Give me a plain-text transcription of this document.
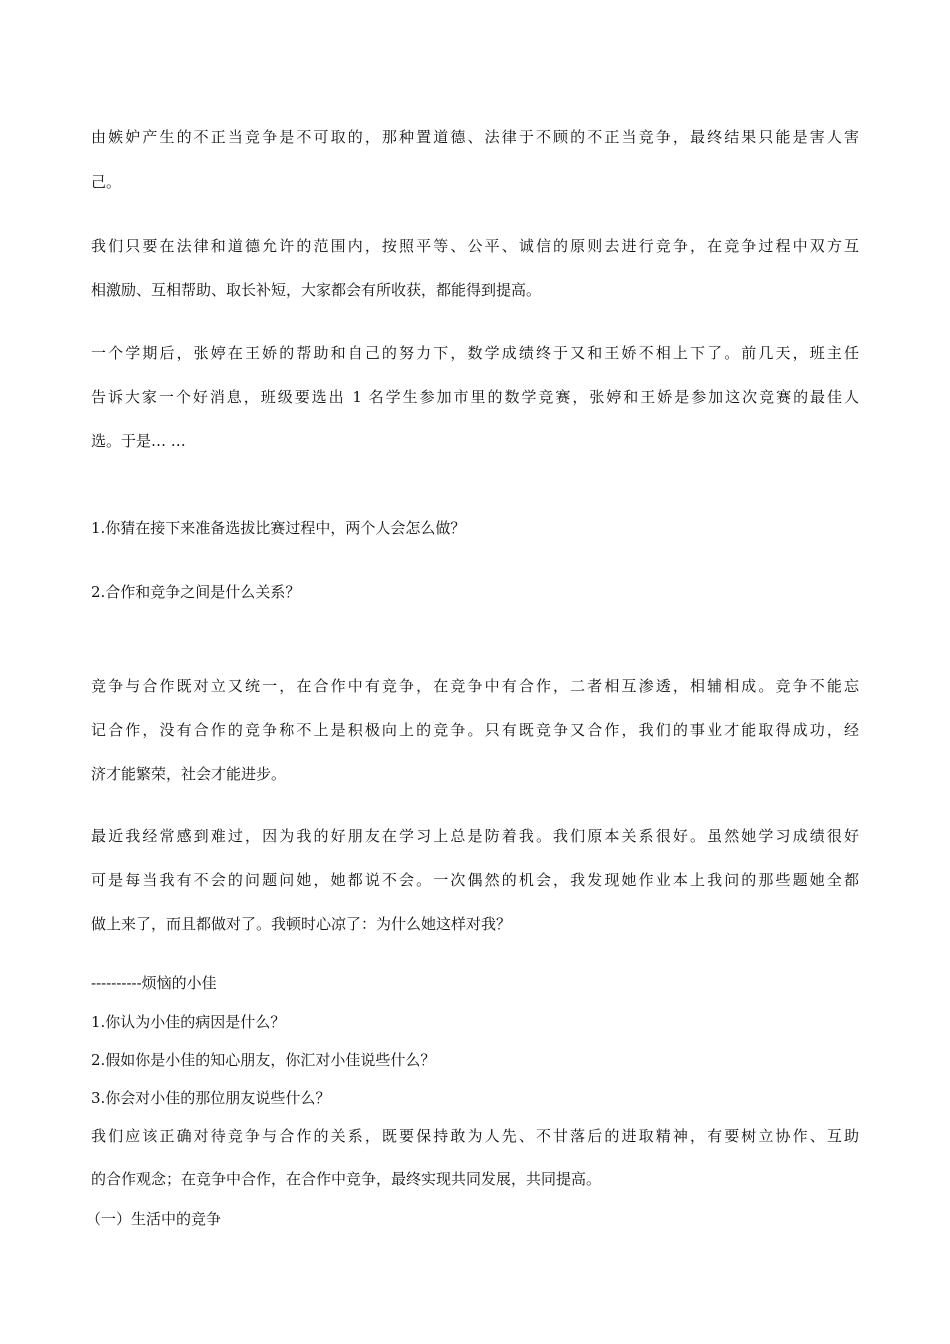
由嫉妒产生的不正当竞争是不可取的，那种置道德、法律于不顾的不正当竞争，最终结果只能是害人害
己。
我们只要在法律和道德允许的范围内，按照平等、公平、诚信的原则去进行竞争，在竞争过程中双方互
相激励、互相帮助、取长补短，大家都会有所收获，都能得到提高。
一个学期后，张婷在王娇的帮助和自己的努力下，数学成绩终于又和王娇不相上下了。前几天，班主任
告诉大家一个好消息，班级要选出 1 名学生参加市里的数学竞赛，张婷和王娇是参加这次竞赛的最佳人
选。于是… …
1.你猜在接下来准备选拔比赛过程中，两个人会怎么做？
2.合作和竞争之间是什么关系？
竞争与合作既对立又统一，在合作中有竞争，在竞争中有合作，二者相互渗透，相辅相成。竞争不能忘
记合作，没有合作的竞争称不上是积极向上的竞争。只有既竞争又合作，我们的事业才能取得成功，经
济才能繁荣，社会才能进步。
最近我经常感到难过，因为我的好朋友在学习上总是防着我。我们原本关系很好。虽然她学习成绩很好
可是每当我有不会的问题问她，她都说不会。一次偶然的机会，我发现她作业本上我问的那些题她全都
做上来了，而且都做对了。我顿时心凉了：为什么她这样对我？
----------烦恼的小佳
1.你认为小佳的病因是什么？
2.假如你是小佳的知心朋友，你汇对小佳说些什么？
3.你会对小佳的那位朋友说些什么？
我们应该正确对待竞争与合作的关系，既要保持敢为人先、不甘落后的进取精神，有要树立协作、互助
的合作观念；在竞争中合作，在合作中竞争，最终实现共同发展，共同提高。
（一）生活中的竞争
